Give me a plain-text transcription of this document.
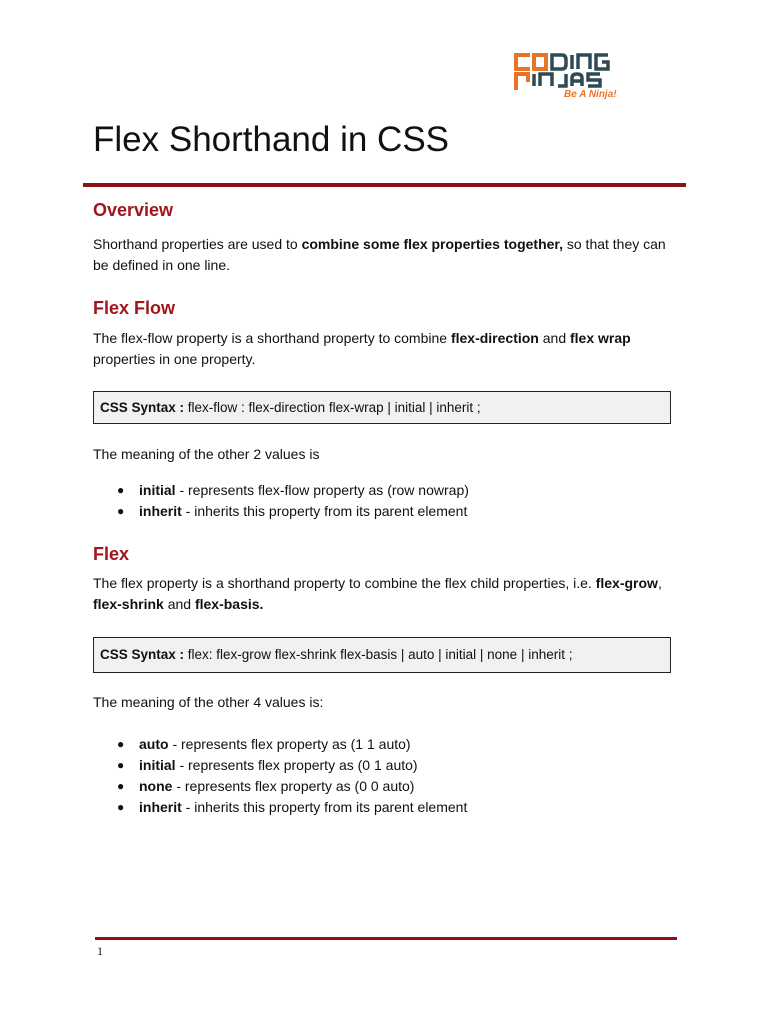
Be A Ninja!
Flex Shorthand in CSS
Overview

Shorthand properties are used to combine some flex properties together, so that they can be defined in one line.

Flex Flow

The flex-flow property is a shorthand property to combine flex-direction and flex wrap properties in one property.

CSS Syntax : flex-flow : flex-direction flex-wrap | initial | inherit ;

The meaning of the other 2 values is

● initial - represents flex-flow property as (row nowrap)
● inherit - inherits this property from its parent element
Flex

The flex property is a shorthand property to combine the flex child properties, i.e. flex-grow, flex-shrink and flex-basis.

CSS Syntax : flex: flex-grow flex-shrink flex-basis | auto | initial | none | inherit ;

The meaning of the other 4 values is:

● auto - represents flex property as (1 1 auto)
● initial - represents flex property as (0 1 auto)
● none - represents flex property as (0 0 auto)
● inherit - inherits this property from its parent element
1
